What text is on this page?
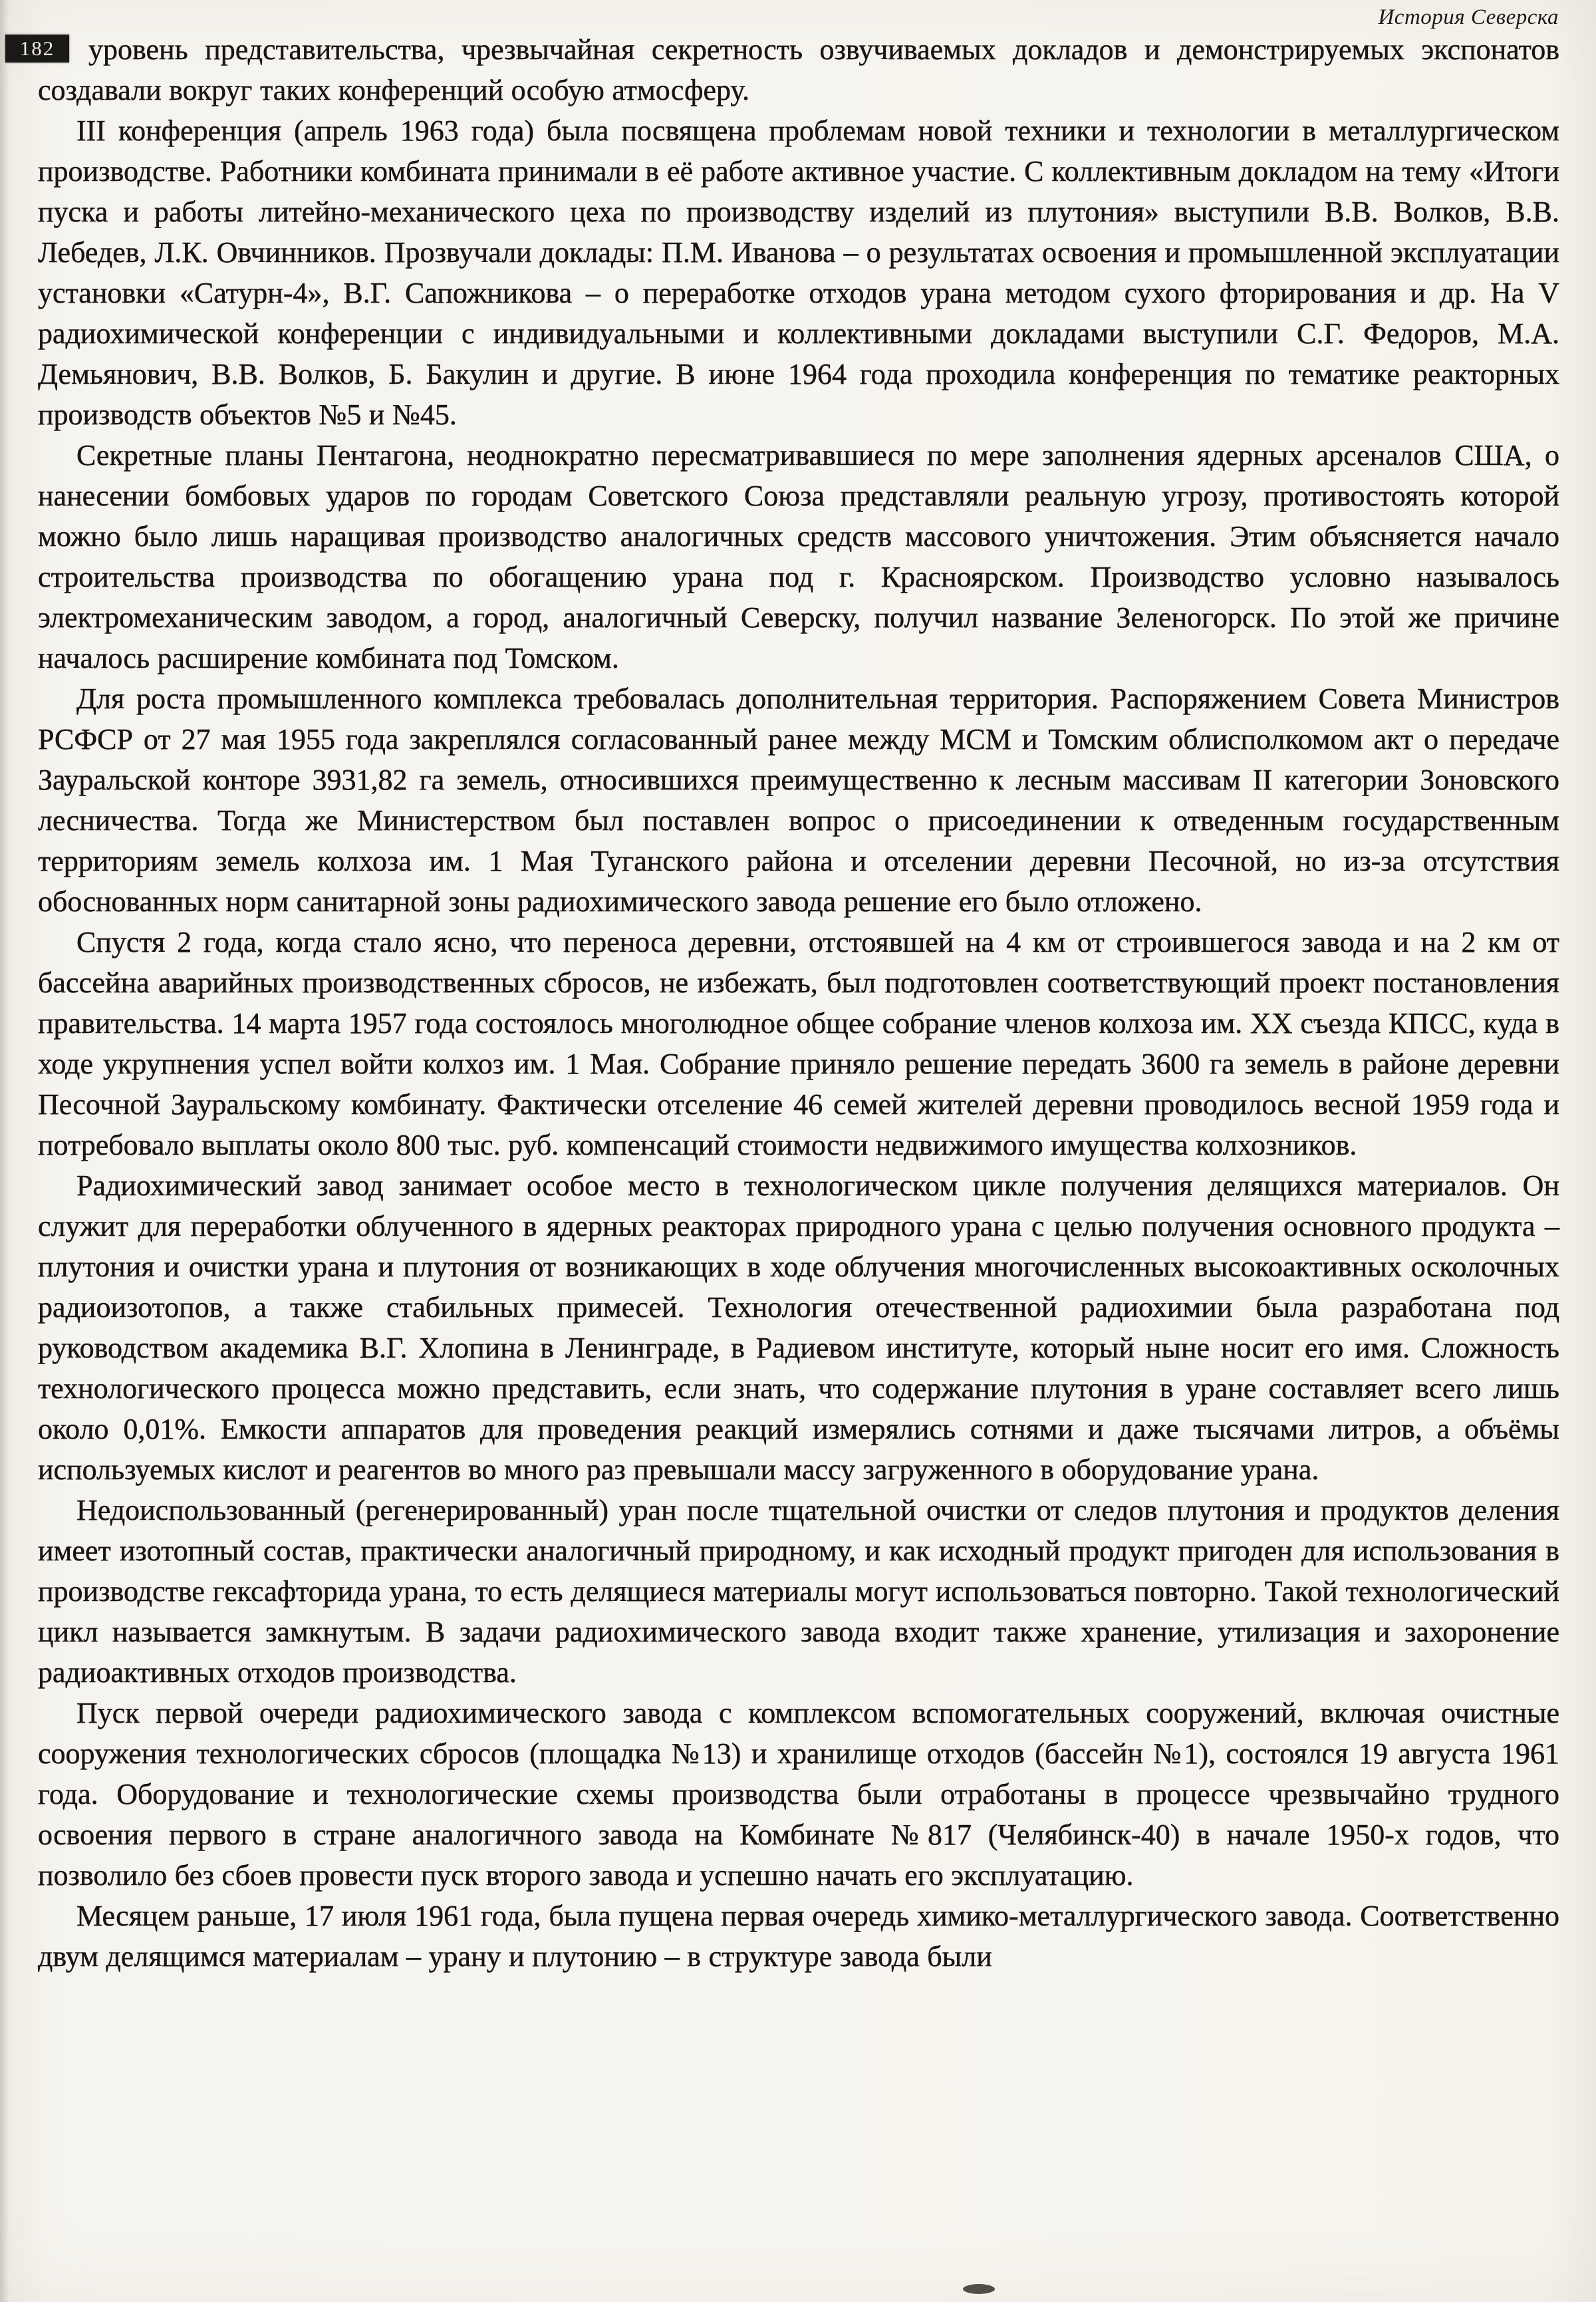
История Северска
182	уровень представительства, чрезвычайная секретность озвучиваемых докладов и демонстрируемых экспонатов создавали вокруг таких конференций особую атмосферу.

III конференция (апрель 1963 года) была посвящена проблемам новой техники и технологии в металлургическом производстве. Работники комбината принимали в её работе активное участие. С коллективным докладом на тему «Итоги пуска и работы литейно-механического цеха по производству изделий из плутония» выступили В.В. Волков, В.В. Лебедев, Л.К. Овчинников. Прозвучали доклады: П.М. Иванова – о результатах освоения и промышленной эксплуатации установки «Сатурн-4», В.Г. Сапожникова – о переработке отходов урана методом сухого фторирования и др. На V радиохимической конференции с индивидуальными и коллективными докладами выступили С.Г. Федоров, М.А. Демьянович, В.В. Волков, Б. Бакулин и другие. В июне 1964 года проходила конференция по тематике реакторных производств объектов №5 и №45.

Секретные планы Пентагона, неоднократно пересматривавшиеся по мере заполнения ядерных арсеналов США, о нанесении бомбовых ударов по городам Советского Союза представляли реальную угрозу, противостоять которой можно было лишь наращивая производство аналогичных средств массового уничтожения. Этим объясняется начало строительства производства по обогащению урана под г. Красноярском. Производство условно называлось электромеханическим заводом, а город, аналогичный Северску, получил название Зеленогорск. По этой же причине началось расширение комбината под Томском.

Для роста промышленного комплекса требовалась дополнительная территория. Распоряжением Совета Министров РСФСР от 27 мая 1955 года закреплялся согласованный ранее между МСМ и Томским облисполкомом акт о передаче Зауральской конторе 3931,82 га земель, относившихся преимущественно к лесным массивам II категории Зоновского лесничества. Тогда же Министерством был поставлен вопрос о присоединении к отведенным государственным территориям земель колхоза им. 1 Мая Туганского района и отселении деревни Песочной, но из-за отсутствия обоснованных норм санитарной зоны радиохимического завода решение его было отложено.

Спустя 2 года, когда стало ясно, что переноса деревни, отстоявшей на 4 км от строившегося завода и на 2 км от бассейна аварийных производственных сбросов, не избежать, был подготовлен соответствующий проект постановления правительства. 14 марта 1957 года состоялось многолюдное общее собрание членов колхоза им. XX съезда КПСС, куда в ходе укрупнения успел войти колхоз им. 1 Мая. Собрание приняло решение передать 3600 га земель в районе деревни Песочной Зауральскому комбинату. Фактически отселение 46 семей жителей деревни проводилось весной 1959 года и потребовало выплаты около 800 тыс. руб. компенсаций стоимости недвижимого имущества колхозников.

Радиохимический завод занимает особое место в технологическом цикле получения делящихся материалов. Он служит для переработки облученного в ядерных реакторах природного урана с целью получения основного продукта – плутония и очистки урана и плутония от возникающих в ходе облучения многочисленных высокоактивных осколочных радиоизотопов, а также стабильных примесей. Технология отечественной радиохимии была разработана под руководством академика В.Г. Хлопина в Ленинграде, в Радиевом институте, который ныне носит его имя. Сложность технологического процесса можно представить, если знать, что содержание плутония в уране составляет всего лишь около 0,01%. Емкости аппаратов для проведения реакций измерялись сотнями и даже тысячами литров, а объёмы используемых кислот и реагентов во много раз превышали массу загруженного в оборудование урана.

Недоиспользованный (регенерированный) уран после тщательной очистки от следов плутония и продуктов деления имеет изотопный состав, практически аналогичный природному, и как исходный продукт пригоден для использования в производстве гексафторида урана, то есть делящиеся материалы могут использоваться повторно. Такой технологический цикл называется замкнутым. В задачи радиохимического завода входит также хранение, утилизация и захоронение радиоактивных отходов производства.

Пуск первой очереди радиохимического завода с комплексом вспомогательных сооружений, включая очистные сооружения технологических сбросов (площадка №13) и хранилище отходов (бассейн №1), состоялся 19 августа 1961 года. Оборудование и технологические схемы производства были отработаны в процессе чрезвычайно трудного освоения первого в стране аналогичного завода на Комбинате №817 (Челябинск-40) в начале 1950-х годов, что позволило без сбоев провести пуск второго завода и успешно начать его эксплуатацию.

Месяцем раньше, 17 июля 1961 года, была пущена первая очередь химико-металлургического завода. Соответственно двум делящимся материалам – урану и плутонию – в структуре завода были
